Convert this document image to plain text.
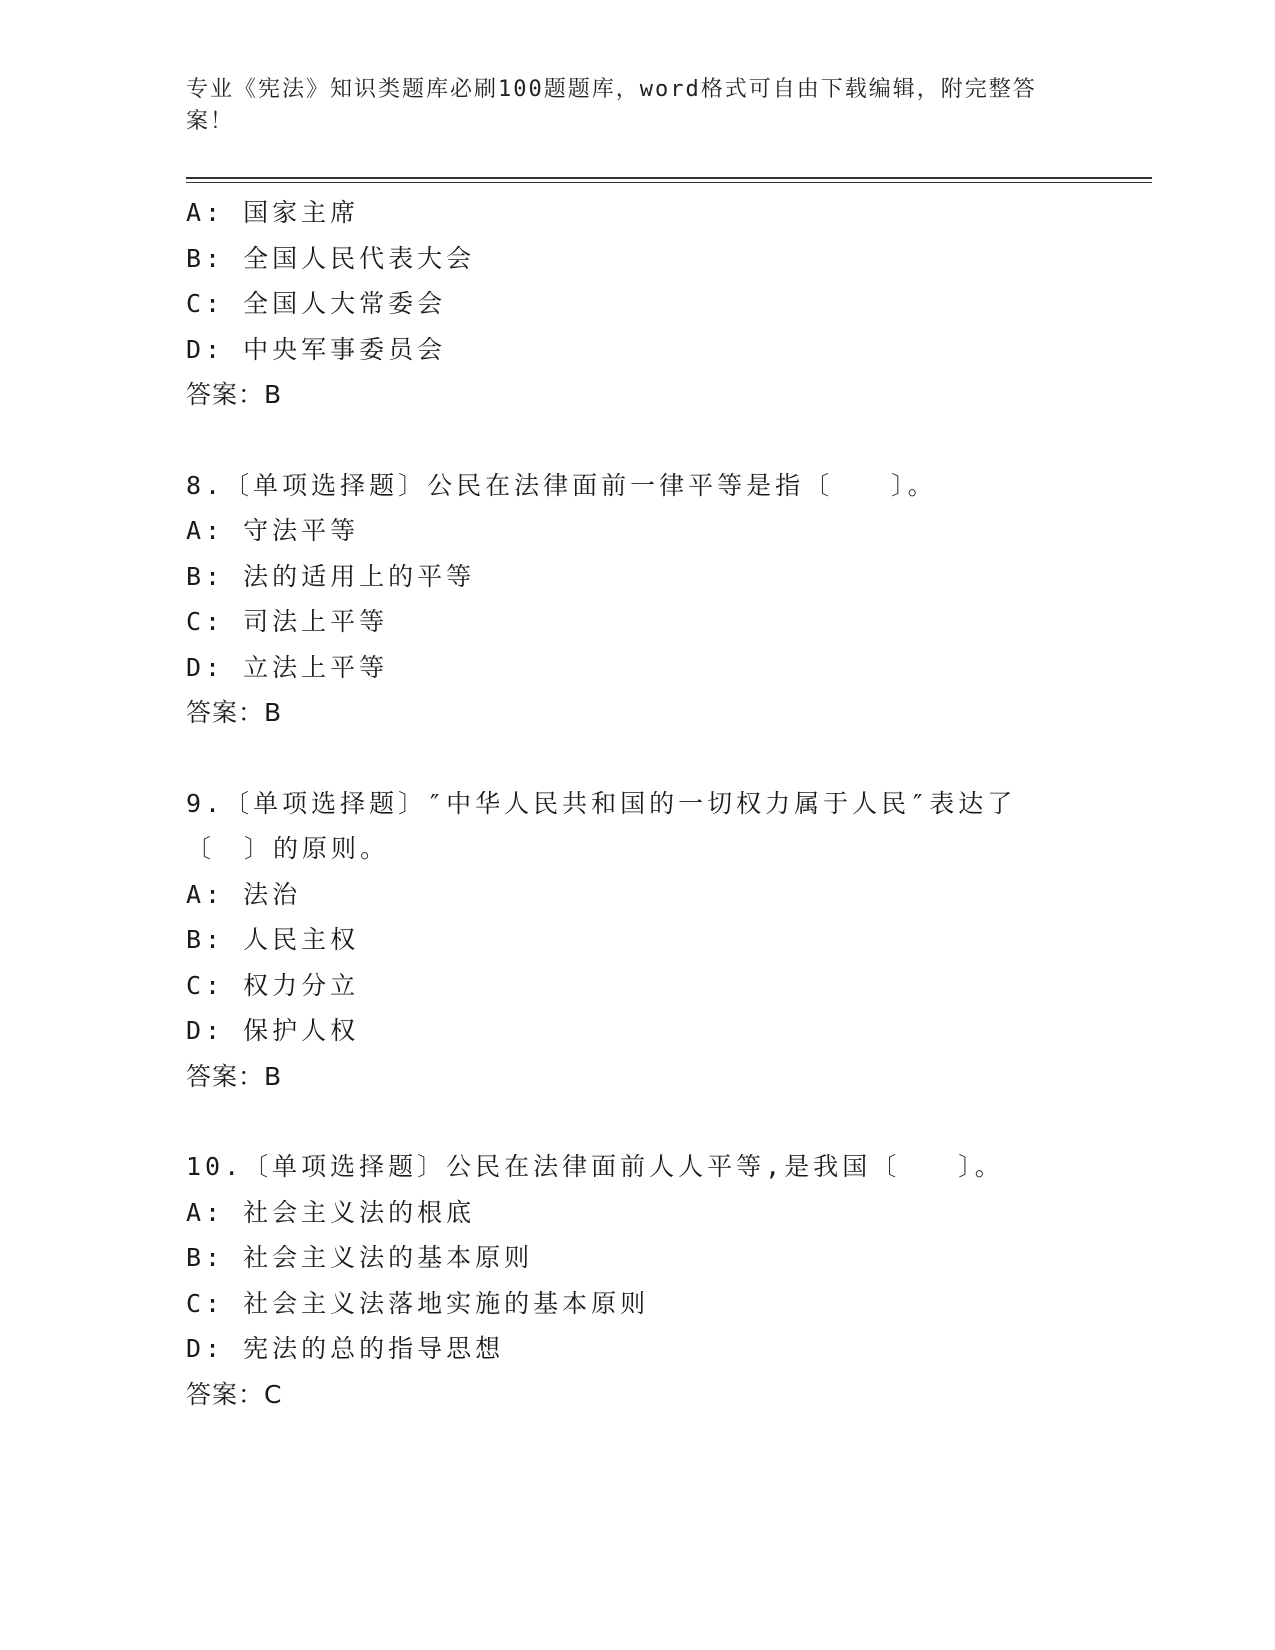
专业《宪法》知识类题库必刷100题题库，word格式可自由下载编辑，附完整答案！
A: 国家主席
B: 全国人民代表大会
C: 全国人大常委会
D: 中央军事委员会
答案：B
8.〔单项选择题〕公民在法律面前一律平等是指〔　　〕。
A: 守法平等
B: 法的适用上的平等
C: 司法上平等
D: 立法上平等
答案：B
9.〔单项选择题〕″中华人民共和国的一切权力属于人民″表达了〔　〕的原则。
A: 法治
B: 人民主权
C: 权力分立
D: 保护人权
答案：B
10.〔单项选择题〕公民在法律面前人人平等,是我国〔　　〕。
A: 社会主义法的根底
B: 社会主义法的基本原则
C: 社会主义法落地实施的基本原则
D: 宪法的总的指导思想
答案：C
